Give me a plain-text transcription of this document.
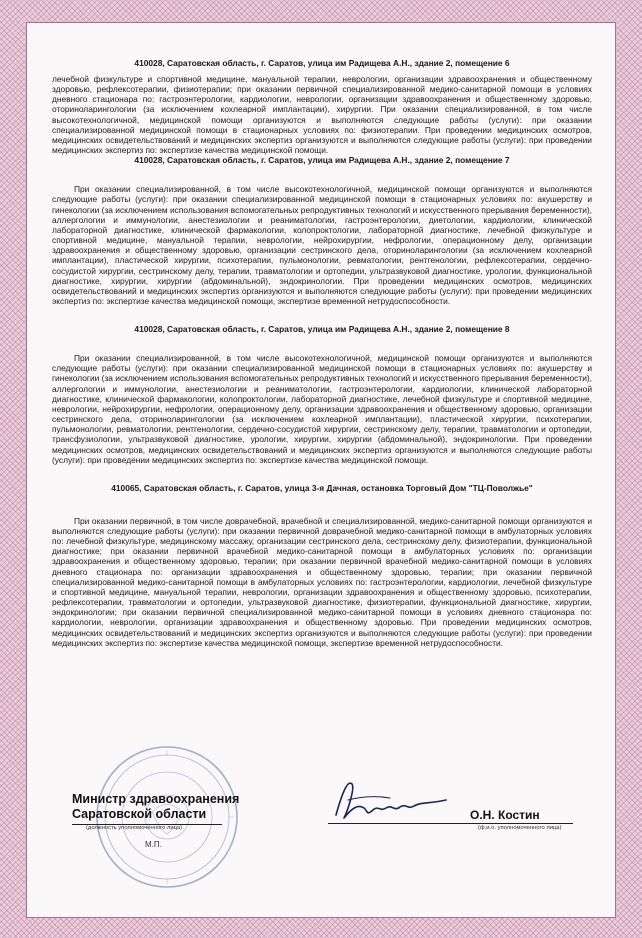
410028, Саратовская область, г. Саратов, улица им Радищева А.Н., здание 2, помещение 6

лечебной физкультуре и спортивной медицине, мануальной терапии, неврологии, организации здравоохранения и общественному здоровью, рефлексотерапии, физиотерапии; при оказании первичной специализированной медико-санитарной помощи в условиях дневного стационара по: гастроэнтерологии, кардиологии, неврологии, организации здравоохранения и общественному здоровью, оториноларингологии (за исключением кохлеарной имплантации), хирургии. При оказании специализированной, в том числе высокотехнологичной, медицинской помощи организуются и выполняются следующие работы (услуги): при оказании специализированной медицинской помощи в стационарных условиях по: физиотерапии. При проведении медицинских осмотров, медицинских освидетельствований и медицинских экспертиз организуются и выполняются следующие работы (услуги): при проведении медицинских экспертиз по: экспертизе качества медицинской помощи.

410028, Саратовская область, г. Саратов, улица им Радищева А.Н., здание 2, помещение 7

При оказании специализированной, в том числе высокотехнологичной, медицинской помощи организуются и выполняются следующие работы (услуги): при оказании специализированной медицинской помощи в стационарных условиях по: акушерству и гинекологии (за исключением использования вспомогательных репродуктивных технологий и искусственного прерывания беременности), аллергологии и иммунологии, анестезиологии и реаниматологии, гастроэнтерологии, диетологии, кардиологии, клинической лабораторной диагностике, клинической фармакологии, колопроктологии, лабораторной диагностике, лечебной физкультуре и спортивной медицине, мануальной терапии, неврологии, нейрохирургии, нефрологии, операционному делу, организации здравоохранения и общественному здоровью, организации сестринского дела, оториноларингологии (за исключением кохлеарной имплантации), пластической хирургии, психотерапии, пульмонологии, ревматологии, рентгенологии, рефлексотерапии, сердечно-сосудистой хирургии, сестринскому делу, терапии, травматологии и ортопедии, ультразвуковой диагностике, урологии, функциональной диагностике, хирургии, хирургии (абдоминальной), эндокринологии. При проведении медицинских осмотров, медицинских освидетельствований и медицинских экспертиз организуются и выполняются следующие работы (услуги): при проведении медицинских экспертиз по: экспертизе качества медицинской помощи, экспертизе временной нетрудоспособности.

410028, Саратовская область, г. Саратов, улица им Радищева А.Н., здание 2, помещение 8

При оказании специализированной, в том числе высокотехнологичной, медицинской помощи организуются и выполняются следующие работы (услуги): при оказании специализированной медицинской помощи в стационарных условиях по: акушерству и гинекологии (за исключением использования вспомогательных репродуктивных технологий и искусственного прерывания беременности), аллергологии и иммунологии, анестезиологии и реаниматологии, гастроэнтерологии, кардиологии, клинической лабораторной диагностике, клинической фармакологии, колопроктологии, лабораторной диагностике, лечебной физкультуре и спортивной медицине, неврологии, нейрохирургии, нефрологии, операционному делу, организации здравоохранения и общественному здоровью, организации сестринского дела, оториноларингологии (за исключением кохлеарной имплантации), пластической хирургии, психотерапии, пульмонологии, ревматологии, рентгенологии, сердечно-сосудистой хирургии, сестринскому делу, терапии, травматологии и ортопедии, трансфузиологии, ультразвуковой диагностике, урологии, хирургии, хирургии (абдоминальной), эндокринологии. При проведении медицинских осмотров, медицинских освидетельствований и медицинских экспертиз организуются и выполняются следующие работы (услуги): при проведении медицинских экспертиз по: экспертизе качества медицинской помощи.

410065, Саратовская область, г. Саратов, улица 3-я Дачная, остановка Торговый Дом "ТЦ-Поволжье"

При оказании первичной, в том числе доврачебной, врачебной и специализированной, медико-санитарной помощи организуются и выполняются следующие работы (услуги): при оказании первичной доврачебной медико-санитарной помощи в амбулаторных условиях по: лечебной физкультуре, медицинскому массажу, организации сестринского дела, сестринскому делу, физиотерапии, функциональной диагностике; при оказании первичной врачебной медико-санитарной помощи в амбулаторных условиях по: организации здравоохранения и общественному здоровью, терапии; при оказании первичной врачебной медико-санитарной помощи в условиях дневного стационара по: организации здравоохранения и общественному здоровью, терапии; при оказании первичной специализированной медико-санитарной помощи в амбулаторных условиях по: гастроэнтерологии, кардиологии, лечебной физкультуре и спортивной медицине, мануальной терапии, неврологии, организации здравоохранения и общественному здоровью, психотерапии, рефлексотерапии, травматологии и ортопедии, ультразвуковой диагностике, физиотерапии, функциональной диагностике, хирургии, эндокринологии; при оказании первичной специализированной медико-санитарной помощи в условиях дневного стационара по: кардиологии, неврологии, организации здравоохранения и общественному здоровью. При проведении медицинских осмотров, медицинских освидетельствований и медицинских экспертиз организуются и выполняются следующие работы (услуги): при проведении медицинских экспертиз по: экспертизе качества медицинской помощи, экспертизе временной нетрудоспособности.

Министр здравоохранения
Саратовской области
(должность уполномоченного лица)
М.П.
О.Н. Костин
(ф.и.о. уполномоченного лица)
